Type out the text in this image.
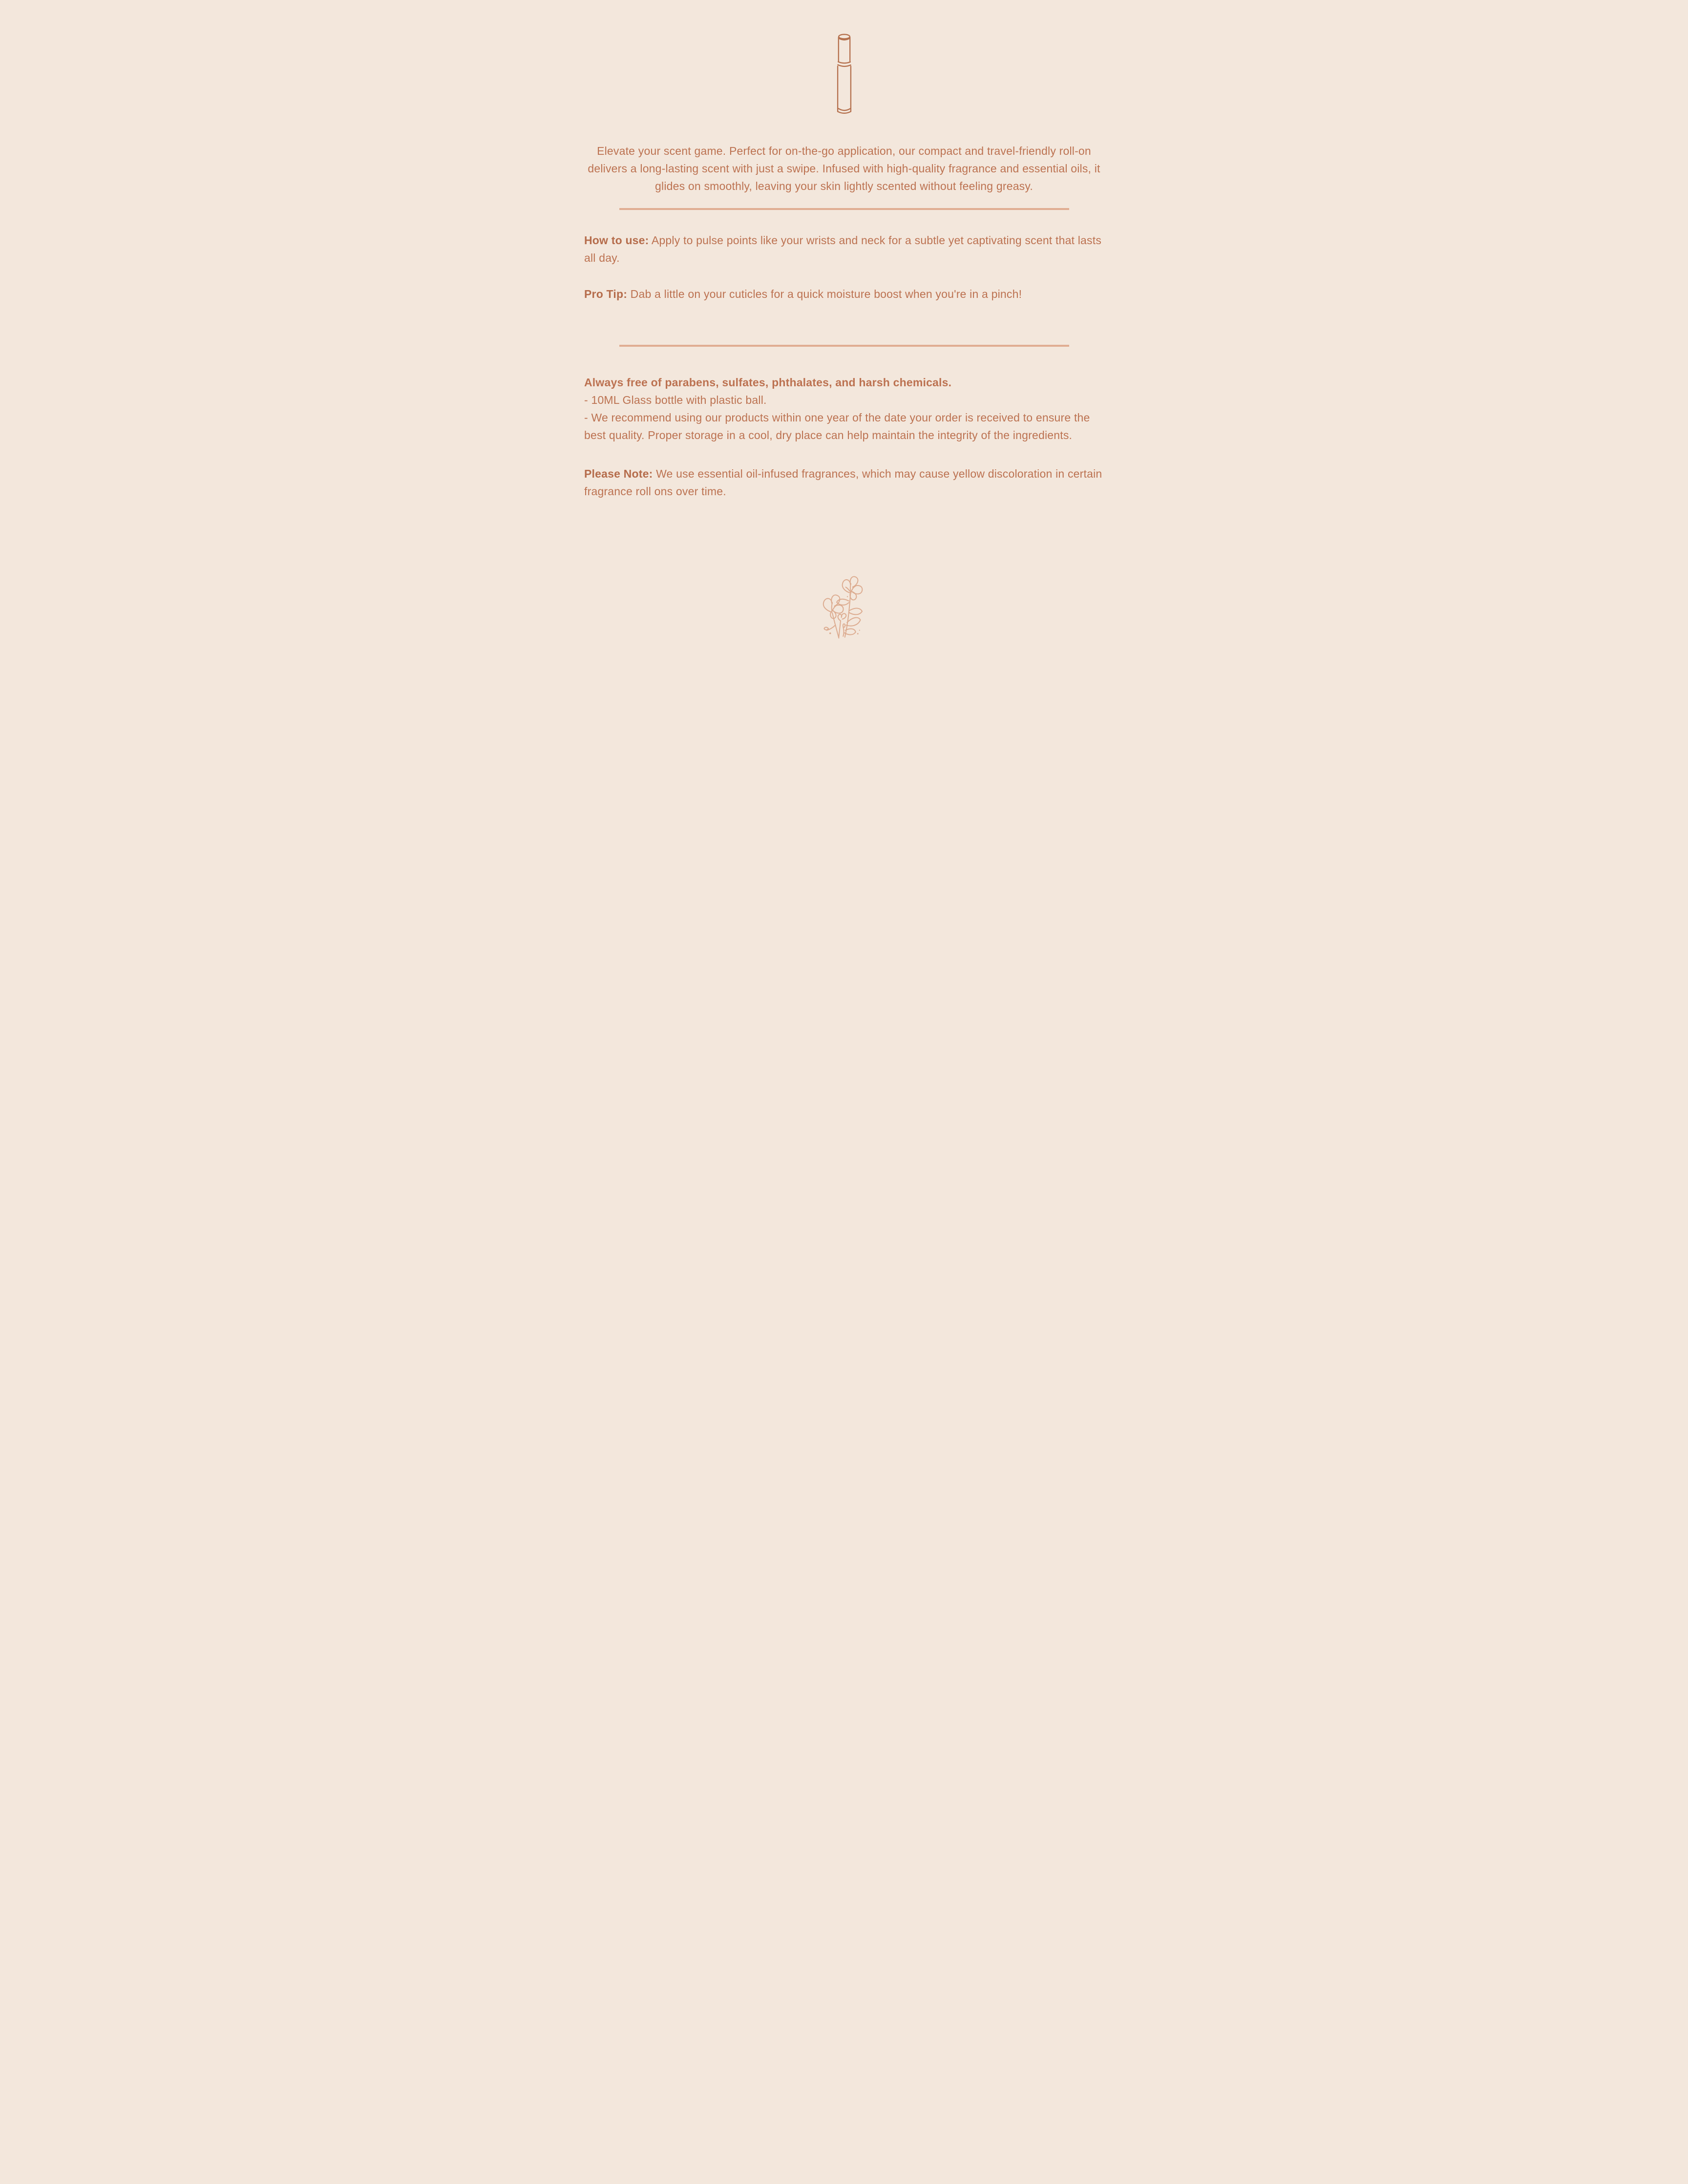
Elevate your scent game. Perfect for on-the-go application, our compact and travel-friendly roll-on delivers a long-lasting scent with just a swipe. Infused with high-quality fragrance and essential oils, it glides on smoothly, leaving your skin lightly scented without feeling greasy.

How to use: Apply to pulse points like your wrists and neck for a subtle yet captivating scent that lasts all day.

Pro Tip: Dab a little on your cuticles for a quick moisture boost when you're in a pinch!

Always free of parabens, sulfates, phthalates, and harsh chemicals.

- 10ML Glass bottle with plastic ball.

- We recommend using our products within one year of the date your order is received to ensure the best quality. Proper storage in a cool, dry place can help maintain the integrity of the ingredients.

Please Note: We use essential oil-infused fragrances, which may cause yellow discoloration in certain fragrance roll ons over time.
